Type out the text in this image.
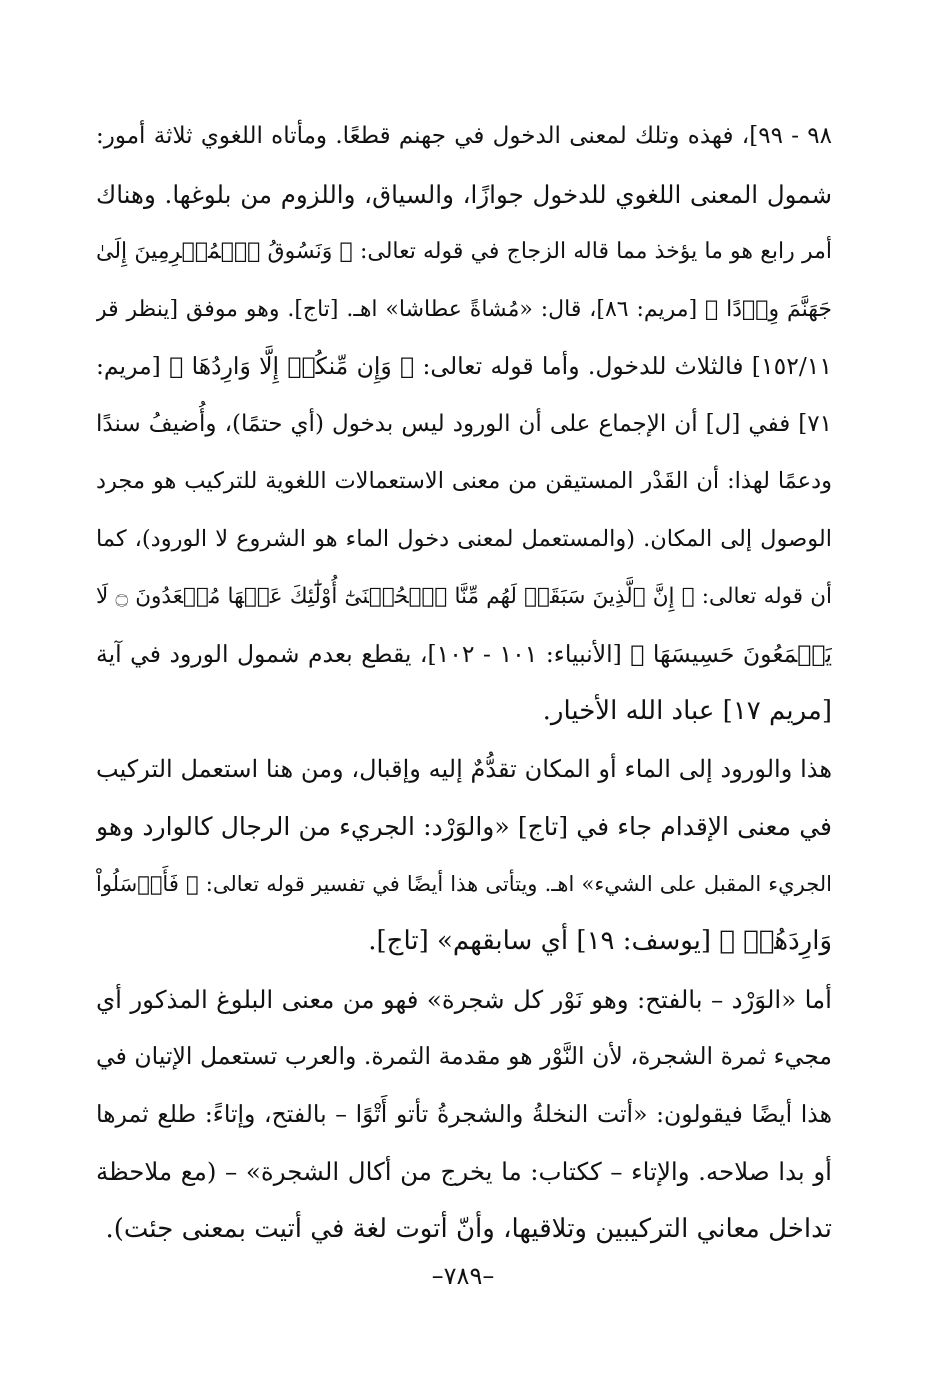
٩٨ - ٩٩]، فهذه وتلك لمعنى الدخول في جهنم قطعًا. ومأتاه اللغوي ثلاثة أمور:
شمول المعنى اللغوي للدخول جوازًا، والسياق، واللزوم من بلوغها. وهناك
أمر رابع هو ما يؤخذ مما قاله الزجاج في قوله تعالى: ﴿ وَنَسُوقُ ٱلۡمُجۡرِمِينَ إِلَىٰ
جَهَنَّمَ وِرۡدًا ﴾ [مريم: ٨٦]، قال: «مُشاةً عطاشا» اهـ. [تاج]. وهو موفق [ينظر قر
١٥٢/١١] فالثلاث للدخول. وأما قوله تعالى: ﴿ وَإِن مِّنكُمۡ إِلَّا وَارِدُهَا ﴾ [مريم:
٧١] ففي [ل] أن الإجماع على أن الورود ليس بدخول (أي حتمًا)، وأُضيفُ سندًا
ودعمًا لهذا: أن القَدْر المستيقن من معنى الاستعمالات اللغوية للتركيب هو مجرد
الوصول إلى المكان. (والمستعمل لمعنى دخول الماء هو الشروع لا الورود)، كما
أن قوله تعالى: ﴿ إِنَّ ٱلَّذِينَ سَبَقَتۡ لَهُم مِّنَّا ٱلۡحُسۡنَىٰٓ أُوْلَٰٓئِكَ عَنۡهَا مُبۡعَدُونَ ۝ لَا
يَسۡمَعُونَ حَسِيسَهَا ﴾ [الأنبياء: ١٠١ - ١٠٢]، يقطع بعدم شمول الورود في آية
[مريم ١٧] عباد الله الأخيار.
هذا والورود إلى الماء أو المكان تقدُّمٌ إليه وإقبال، ومن هنا استعمل التركيب
في معنى الإقدام جاء في [تاج] «والوَرْد: الجريء من الرجال كالوارد وهو
الجريء المقبل على الشيء» اهـ. ويتأتى هذا أيضًا في تفسير قوله تعالى: ﴿ فَأَرۡسَلُواْ
وَارِدَهُمۡ ﴾ [يوسف: ١٩] أي سابقهم» [تاج].
أما «الوَرْد – بالفتح: وهو نَوْر كل شجرة» فهو من معنى البلوغ المذكور أي
مجيء ثمرة الشجرة، لأن النَّوْر هو مقدمة الثمرة. والعرب تستعمل الإتيان في
هذا أيضًا فيقولون: «أتت النخلةُ والشجرةُ تأتو أَتْوًا – بالفتح، وإتاءً: طلع ثمرها
أو بدا صلاحه. والإتاء – ككتاب: ما يخرج من أكال الشجرة» – (مع ملاحظة
تداخل معاني التركيبين وتلاقيها، وأنّ أتوت لغة في أتيت بمعنى جئت).
–٧٨٩–
